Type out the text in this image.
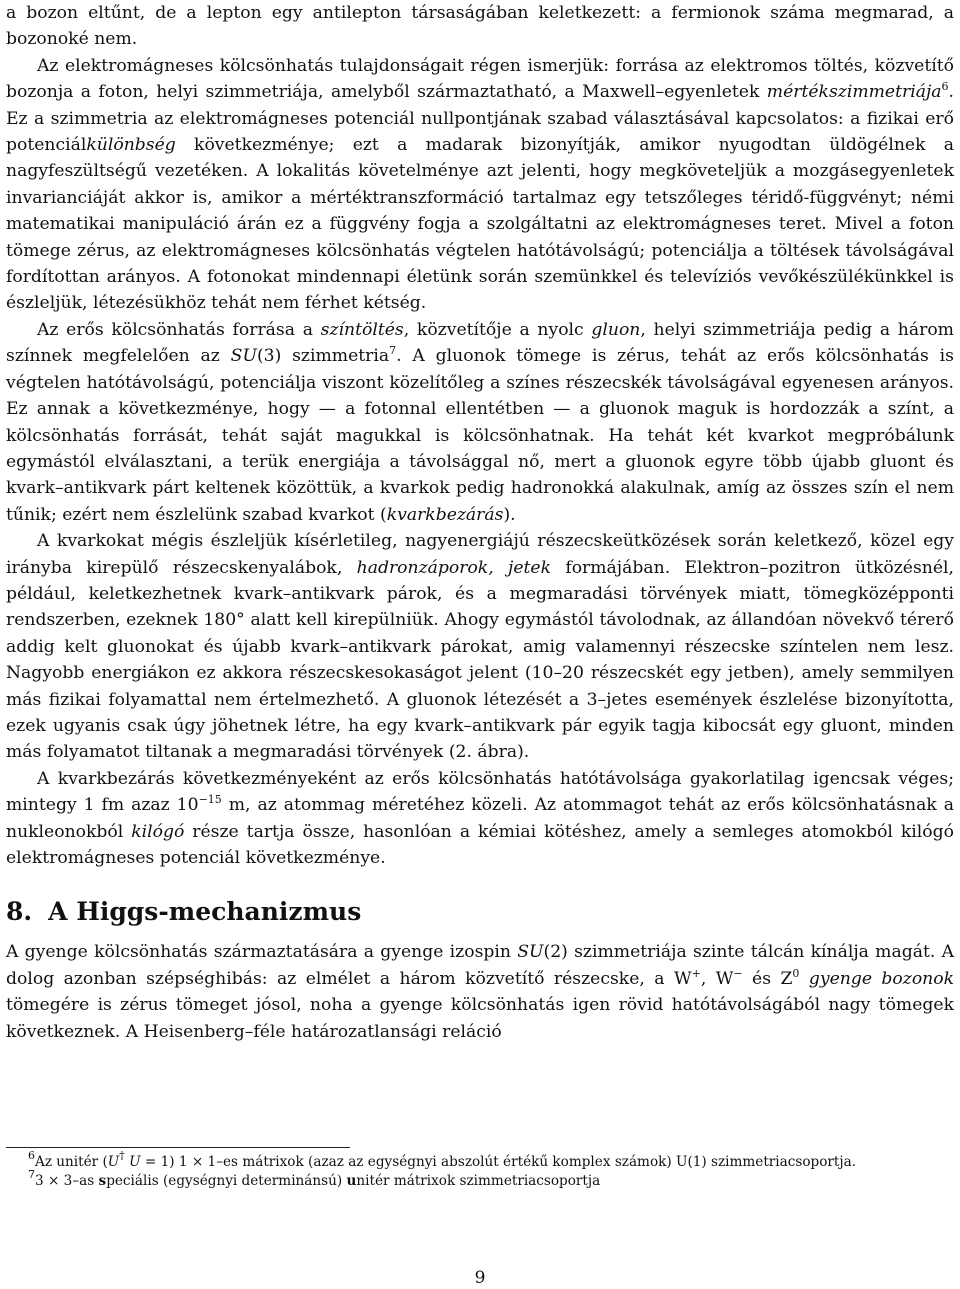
a bozon eltűnt, de a lepton egy antilepton társaságában keletkezett: a fermionok száma megmarad, a bozonoké nem.

Az elektromágneses kölcsönhatás tulajdonságait régen ismerjük: forrása az elektromos töltés, közvetítő bozonja a foton, helyi szimmetriája, amelyből származtatható, a Maxwell–egyenletek mértékszimmetriája$^6$. Ez a szimmetria az elektromágneses potenciál nullpontjának szabad választásával kapcsolatos: a fizikai erő potenciálkülönbség következménye; ezt a madarak bizonyítják, amikor nyugodtan üldögélnek a nagyfeszültségű vezetéken. A lokalitás követelménye azt jelenti, hogy megköveteljük a mozgásegyenletek invarianciáját akkor is, amikor a mértéktranszformáció tartalmaz egy tetszőleges téridő-függvényt; némi matematikai manipuláció árán ez a függvény fogja a szolgáltatni az elektromágneses teret. Mivel a foton tömege zérus, az elektromágneses kölcsönhatás végtelen hatótávolságú; potenciálja a töltések távolságával fordítottan arányos. A fotonokat mindennapi életünk során szemünkkel és televíziós vevőkészülékünkkel is észleljük, létezésükhöz tehát nem férhet kétség.

Az erős kölcsönhatás forrása a színtöltés, közvetítője a nyolc gluon, helyi szimmetriája pedig a három színnek megfelelően az SU(3) szimmetria$^7$. A gluonok tömege is zérus, tehát az erős kölcsönhatás is végtelen hatótávolságú, potenciálja viszont közelítőleg a színes részecskék távolságával egyenesen arányos. Ez annak a következménye, hogy — a fotonnal ellentétben — a gluonok maguk is hordozzák a színt, a kölcsönhatás forrását, tehát saját magukkal is kölcsönhatnak. Ha tehát két kvarkot megpróbálunk egymástól elválasztani, a terük energiája a távolsággal nő, mert a gluonok egyre több újabb gluont és kvark–antikvark párt keltenek közöttük, a kvarkok pedig hadronokká alakulnak, amíg az összes szín el nem tűnik; ezért nem észlelünk szabad kvarkot (kvarkbezárás).

A kvarkokat mégis észleljük kísérletileg, nagyenergiájú részecskeütközések során keletkező, közel egy irányba kirepülő részecskenyalábok, hadronzáporok, jetek formájában. Elektron–pozitron ütközésnél, például, keletkezhetnek kvark–antikvark párok, és a megmaradási törvények miatt, tömegközépponti rendszerben, ezeknek 180° alatt kell kirepülniük. Ahogy egymástól távolodnak, az állandóan növekvő térerő addig kelt gluonokat és újabb kvark–antikvark párokat, amig valamennyi részecske színtelen nem lesz. Nagyobb energiákon ez akkora részecskesokaságot jelent (10–20 részecskét egy jetben), amely semmilyen más fizikai folyamattal nem értelmezhető. A gluonok létezését a 3–jetes események észlelése bizonyította, ezek ugyanis csak úgy jöhetnek létre, ha egy kvark–antikvark pár egyik tagja kibocsát egy gluont, minden más folyamatot tiltanak a megmaradási törvények (2. ábra).

A kvarkbezárás következményeként az erős kölcsönhatás hatótávolsága gyakorlatilag igencsak véges; mintegy 1 fm azaz $10^{-15}$ m, az atommag méretéhez közeli. Az atommagot tehát az erős kölcsönhatásnak a nukleonokból kilógó része tartja össze, hasonlóan a kémiai kötéshez, amely a semleges atomokból kilógó elektromágneses potenciál következménye.

8. A Higgs-mechanizmus

A gyenge kölcsönhatás származtatására a gyenge izospin SU(2) szimmetriája szinte tálcán kínálja magát. A dolog azonban szépséghibás: az elmélet a három közvetítő részecske, a W+, W− és $Z^0$ gyenge bozonok tömegére is zérus tömeget jósol, noha a gyenge kölcsönhatás igen rövid hatótávolságából nagy tömegek következnek. A Heisenberg–féle határozatlansági reláció

$^6$Az unitér (U† U = 1) 1 × 1–es mátrixok (azaz az egységnyi abszolút értékű komplex számok) U(1) szimmetriacsoportja.

$^7$3 × 3–as speciális (egységnyi determinánsú) unitér mátrixok szimmetriacsoportja

9
